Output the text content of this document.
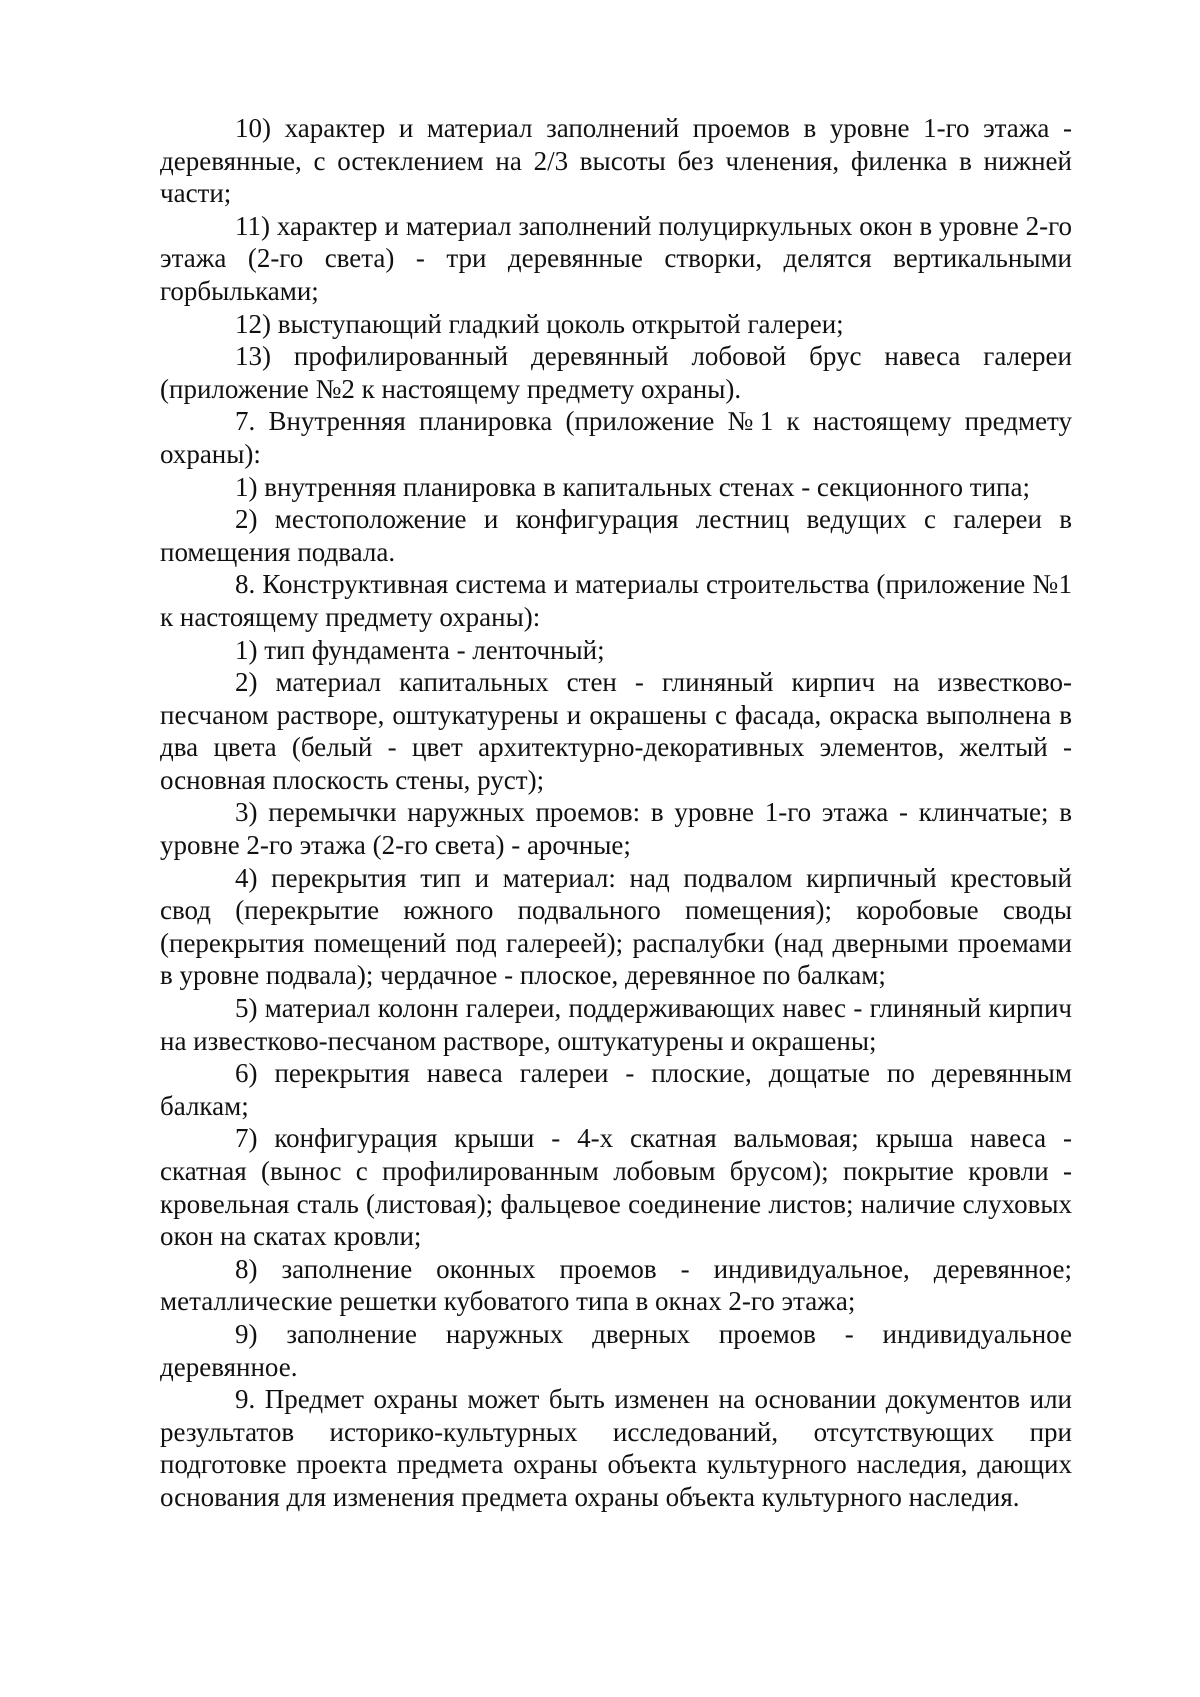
10) характер и материал заполнений проемов в уровне 1-го этажа - деревянные, с остеклением на 2/3 высоты без членения, филенка в нижней части;

11) характер и материал заполнений полуциркульных окон в уровне 2-го этажа (2-го света) - три деревянные створки, делятся вертикальными горбыльками;

12) выступающий гладкий цоколь открытой галереи;

13) профилированный деревянный лобовой брус навеса галереи (приложение №2 к настоящему предмету охраны).

7. Внутренняя планировка (приложение №1 к настоящему предмету охраны):

1) внутренняя планировка в капитальных стенах - секционного типа;

2) местоположение и конфигурация лестниц ведущих с галереи в помещения подвала.

8. Конструктивная система и материалы строительства (приложение №1 к настоящему предмету охраны):

1) тип фундамента - ленточный;

2) материал капитальных стен - глиняный кирпич на известково-песчаном растворе, оштукатурены и окрашены с фасада, окраска выполнена в два цвета (белый - цвет архитектурно-декоративных элементов, желтый - основная плоскость стены, руст);

3) перемычки наружных проемов: в уровне 1-го этажа - клинчатые; в уровне 2-го этажа (2-го света) - арочные;

4) перекрытия тип и материал: над подвалом кирпичный крестовый свод (перекрытие южного подвального помещения); коробовые своды (перекрытия помещений под галереей); распалубки (над дверными проемами в уровне подвала); чердачное - плоское, деревянное по балкам;

5) материал колонн галереи, поддерживающих навес - глиняный кирпич на известково-песчаном растворе, оштукатурены и окрашены;

6) перекрытия навеса галереи - плоские, дощатые по деревянным балкам;

7) конфигурация крыши - 4-х скатная вальмовая; крыша навеса - скатная (вынос с профилированным лобовым брусом); покрытие кровли - кровельная сталь (листовая); фальцевое соединение листов; наличие слуховых окон на скатах кровли;

8) заполнение оконных проемов - индивидуальное, деревянное; металлические решетки кубоватого типа в окнах 2-го этажа;

9) заполнение наружных дверных проемов - индивидуальное деревянное.

9. Предмет охраны может быть изменен на основании документов или результатов историко-культурных исследований, отсутствующих при подготовке проекта предмета охраны объекта культурного наследия, дающих основания для изменения предмета охраны объекта культурного наследия.
